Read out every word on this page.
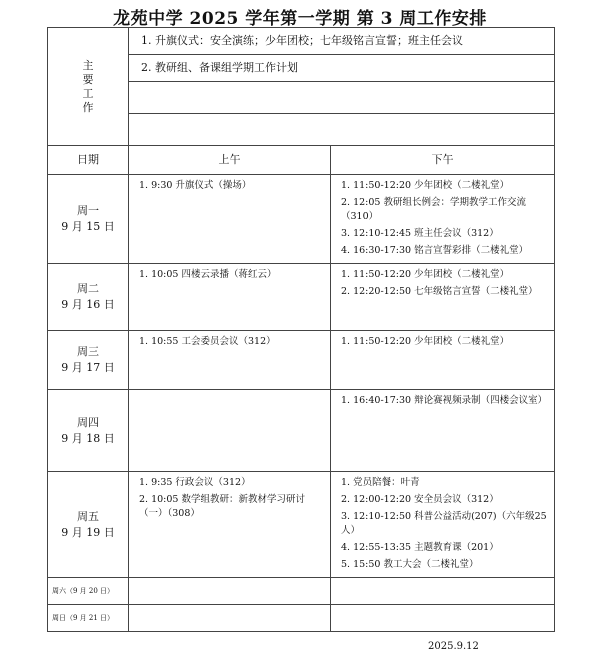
龙苑中学 2025 学年第一学期 第 3 周工作安排
主
要
工
作	1. 升旗仪式：安全演练；少年团校；七年级铭言宣誓；班主任会议	
	2. 教研组、备课组学期工作计划	

日期	上午	下午

周一
9 月 15 日	1. 9:30 升旗仪式（操场）	1. 11:50-12:20 少年团校（二楼礼堂）
2. 12:05 教研组长例会：学期教学工作交流（310）
3. 12:10-12:45 班主任会议（312）
4. 16:30-17:30 铭言宣誓彩排（二楼礼堂）

周二
9 月 16 日	1. 10:05 四楼云录播（蒋红云）	1. 11:50-12:20 少年团校（二楼礼堂）
2. 12:20-12:50 七年级铭言宣誓（二楼礼堂）

周三
9 月 17 日	1. 10:55 工会委员会议（312）	1. 11:50-12:20 少年团校（二楼礼堂）

周四
9 月 18 日		1. 16:40-17:30 辩论赛视频录制（四楼会议室）

周五
9 月 19 日	1. 9:35 行政会议（312）
2. 10:05 数学组教研：新教材学习研讨（一）（308）	1. 党员陪餐：叶青
2. 12:00-12:20 安全员会议（312）
3. 12:10-12:50 科普公益活动(207)（六年级25人）
4. 12:55-13:35 主题教育课（201）
5. 15:50 教工大会（二楼礼堂）

周六（9 月 20 日）		
周日（9 月 21 日）		
2025.9.12
